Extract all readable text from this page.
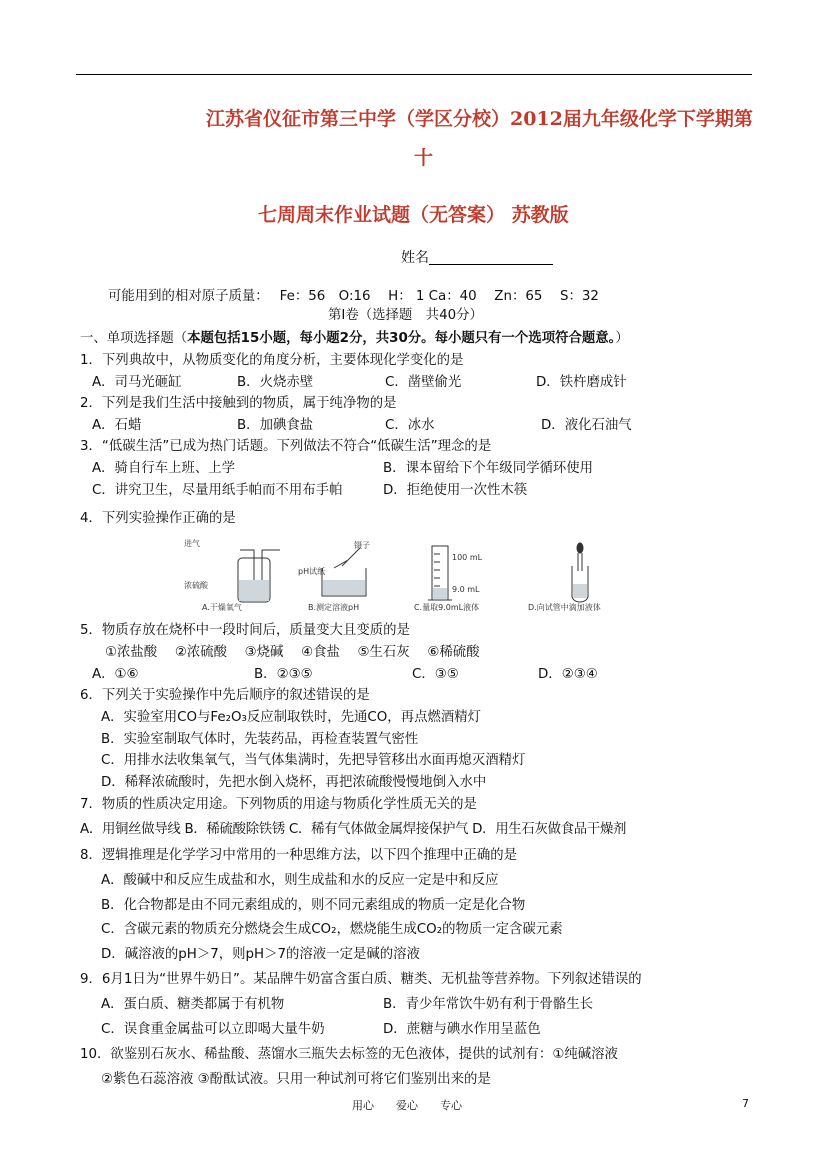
江苏省仪征市第三中学（学区分校）2012届九年级化学下学期第
十
七周周末作业试题（无答案） 苏教版
姓名
可能用到的相对原子质量：　 Fe：56　O:16　 H： 1 Ca：40　 Zn：65　 S：32
第Ⅰ卷（选择题　共40分）
一、单项选择题（本题包括15小题，每小题2分，共30分。每小题只有一个选项符合题意。）
1．下列典故中，从物质变化的角度分析，主要体现化学变化的是
A．司马光砸缸	B．火烧赤壁	C．凿壁偷光	D．铁杵磨成针
2．下列是我们生活中接触到的物质，属于纯净物的是
A．石蜡	B．加碘食盐	C．冰水	D．液化石油气
3．“低碳生活”已成为热门话题。下列做法不符合“低碳生活”理念的是
A．骑自行车上班、上学	B．课本留给下个年级同学循环使用
C．讲究卫生，尽量用纸手帕而不用布手帕	D．拒绝使用一次性木筷
4．下列实验操作正确的是
进气
浓硫酸
A.干燥氧气
镊子
pH试纸
B.测定溶液pH
100 mL
9.0 mL
C.量取9.0mL液体	D.向试管中滴加液体
5．物质存放在烧杯中一段时间后，质量变大且变质的是
①浓盐酸　 ②浓硫酸　 ③烧碱　 ④食盐　 ⑤生石灰　 ⑥稀硫酸
A．①⑥	B．②③⑤	C．③⑤	D．②③④
6．下列关于实验操作中先后顺序的叙述错误的是
A．实验室用CO与Fe₂O₃反应制取铁时，先通CO，再点燃酒精灯
B．实验室制取气体时，先装药品，再检查装置气密性
C．用排水法收集氧气，当气体集满时，先把导管移出水面再熄灭酒精灯
D．稀释浓硫酸时，先把水倒入烧杯，再把浓硫酸慢慢地倒入水中
7．物质的性质决定用途。下列物质的用途与物质化学性质无关的是
A．用铜丝做导线 B．稀硫酸除铁锈 C．稀有气体做金属焊接保护气 D．用生石灰做食品干燥剂
8．逻辑推理是化学学习中常用的一种思维方法，以下四个推理中正确的是
A．酸碱中和反应生成盐和水，则生成盐和水的反应一定是中和反应
B．化合物都是由不同元素组成的，则不同元素组成的物质一定是化合物
C．含碳元素的物质充分燃烧会生成CO₂，燃烧能生成CO₂的物质一定含碳元素
D．碱溶液的pH＞7，则pH＞7的溶液一定是碱的溶液
9．6月1日为“世界牛奶日”。某品牌牛奶富含蛋白质、糖类、无机盐等营养物。下列叙述错误的
A．蛋白质、糖类都属于有机物	B．青少年常饮牛奶有利于骨骼生长
C．误食重金属盐可以立即喝大量牛奶	D．蔗糖与碘水作用呈蓝色
10．欲鉴别石灰水、稀盐酸、蒸馏水三瓶失去标签的无色液体，提供的试剂有：①纯碱溶液
②紫色石蕊溶液 ③酚酞试液。只用一种试剂可将它们鉴别出来的是
用心　　爱心　　专心	7
